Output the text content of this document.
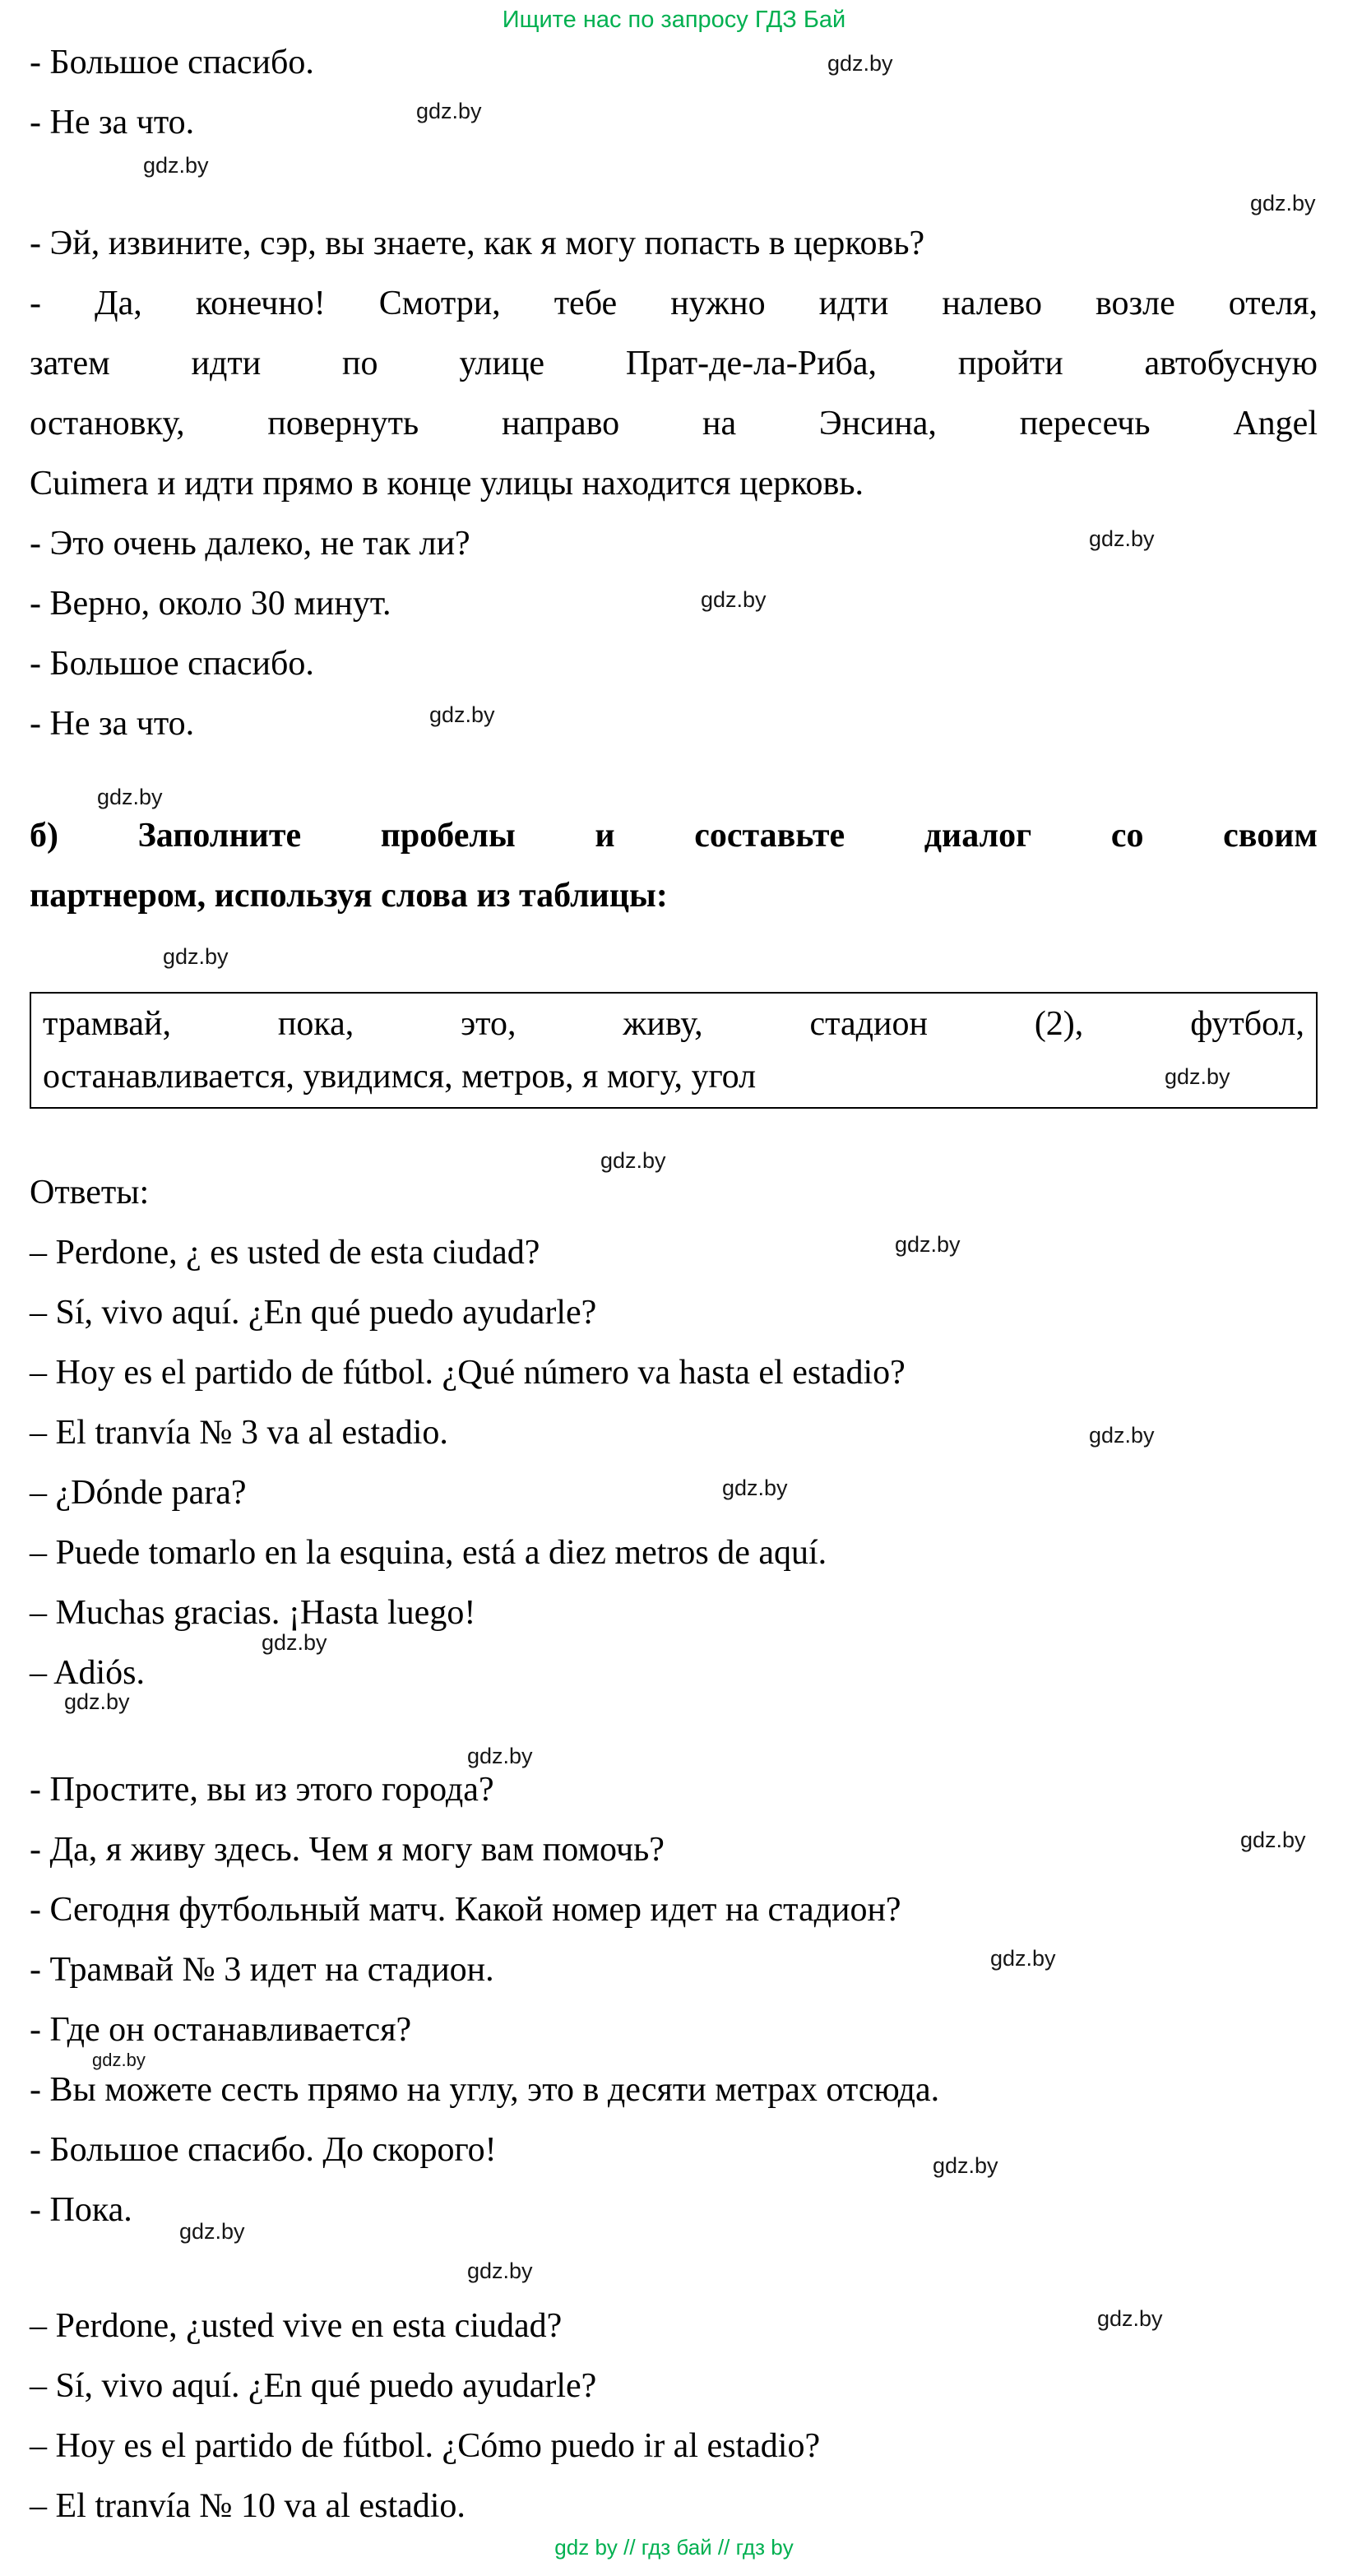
Ищите нас по запросу ГДЗ Бай
- Большое спасибо.
- Не за что.
- Эй, извините, сэр, вы знаете, как я могу попасть в церковь?
- Да, конечно! Смотри, тебе нужно идти налево возле отеля,
затем идти по улице Прат-де-ла-Риба, пройти автобусную
остановку, повернуть направо на Энсина, пересечь Angel
Cuimera и идти прямо в конце улицы находится церковь.
- Это очень далеко, не так ли?
- Верно, около 30 минут.
- Большое спасибо.
- Не за что.
б) Заполните пробелы и составьте диалог со своим
партнером, используя слова из таблицы:
трамвай, пока, это, живу, стадион (2), футбол,
останавливается, увидимся, метров, я могу, угол
Ответы:
– Perdone, ¿ es usted de esta ciudad?
– Sí, vivo aquí. ¿En qué puedo ayudarle?
– Hoy es el partido de fútbol. ¿Qué número va hasta el estadio?
– El tranvía № 3 va al estadio.
– ¿Dónde para?
– Puede tomarlo en la esquina, está a diez metros de aquí.
– Muchas gracias. ¡Hasta luego!
– Adiós.
- Простите, вы из этого города?
- Да, я живу здесь. Чем я могу вам помочь?
- Сегодня футбольный матч. Какой номер идет на стадион?
- Трамвай № 3 идет на стадион.
- Где он останавливается?
- Вы можете сесть прямо на углу, это в десяти метрах отсюда.
- Большое спасибо. До скорого!
- Пока.
– Perdone, ¿usted vive en esta ciudad?
– Sí, vivo aquí. ¿En qué puedo ayudarle?
– Hoy es el partido de fútbol. ¿Cómo puedo ir al estadio?
– El tranvía № 10 va al estadio.
gdz.by
gdz.by
gdz.by
gdz.by
gdz.by
gdz.by
gdz.by
gdz.by
gdz.by
gdz.by
gdz.by
gdz.by
gdz.by
gdz.by
gdz.by
gdz.by
gdz.by
gdz.by
gdz.by
gdz.by
gdz.by
gdz.by
gdz.by
gdz.by
gdz by // гдз бай // гдз by
